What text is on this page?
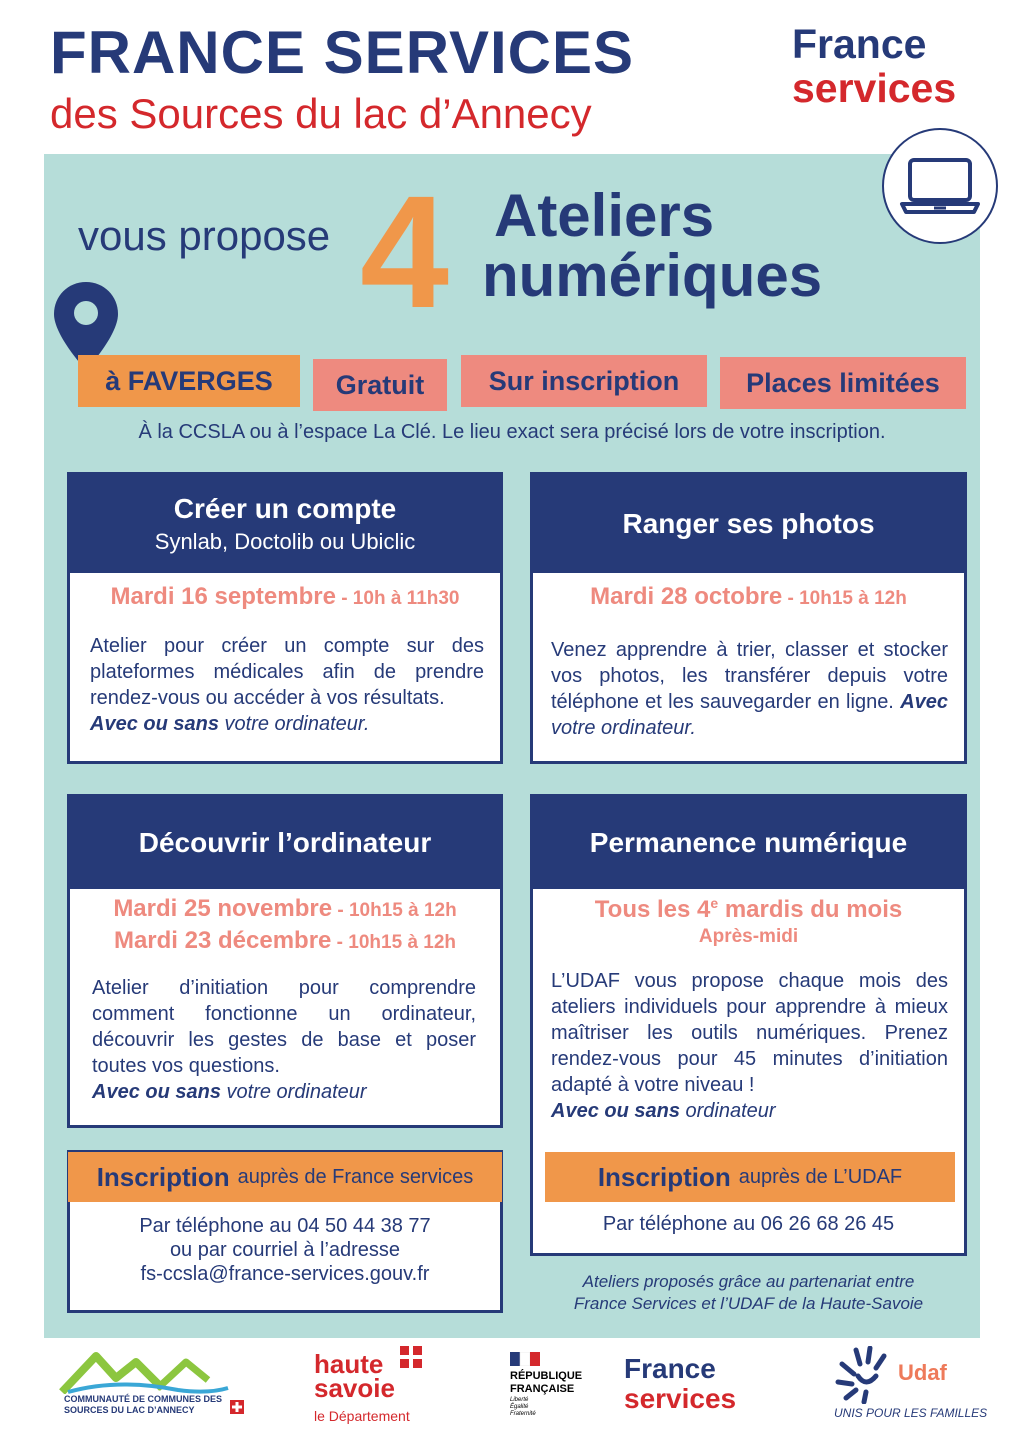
FRANCE SERVICES
des Sources du lac d’Annecy
France
services
vous propose 4 Ateliers
numériques
à FAVERGES	Gratuit	Sur inscription	Places limitées
À la CCSLA ou à l’espace La Clé. Le lieu exact sera précisé lors de votre inscription.
Créer un compte
Synlab, Doctolib ou Ubiclic
Mardi 16 septembre - 10h à 11h30
Atelier pour créer un compte sur des plateformes médicales afin de prendre rendez-vous ou accéder à vos résultats.
Avec ou sans votre ordinateur.
Ranger ses photos
Mardi 28 octobre - 10h15 à 12h
Venez apprendre à trier, classer et stocker vos photos, les transférer depuis votre téléphone et les sauvegarder en ligne. Avec votre ordinateur.
Découvrir l’ordinateur
Mardi 25 novembre - 10h15 à 12h
Mardi 23 décembre - 10h15 à 12h
Atelier d’initiation pour comprendre comment fonctionne un ordinateur, découvrir les gestes de base et poser toutes vos questions.
Avec ou sans votre ordinateur
Permanence numérique
Tous les 4e mardis du mois
Après-midi
L’UDAF vous propose chaque mois des ateliers individuels pour apprendre à mieux maîtriser les outils numériques. Prenez rendez-vous pour 45 minutes d’initiation adapté à votre niveau !
Avec ou sans ordinateur
Inscription auprès de France services
Par téléphone au 04 50 44 38 77
ou par courriel à l’adresse
fs-ccsla@france-services.gouv.fr
Inscription auprès de L’UDAF
Par téléphone au 06 26 68 26 45
Ateliers proposés grâce au partenariat entre
France Services et l’UDAF de la Haute-Savoie
COMMUNAUTÉ DE COMMUNES DES
SOURCES DU LAC D’ANNECY
haute
savoie
le Département
RÉPUBLIQUE
FRANÇAISE
Liberté
Égalité
Fraternité
France
services
Udaf
UNIS POUR LES FAMILLES
